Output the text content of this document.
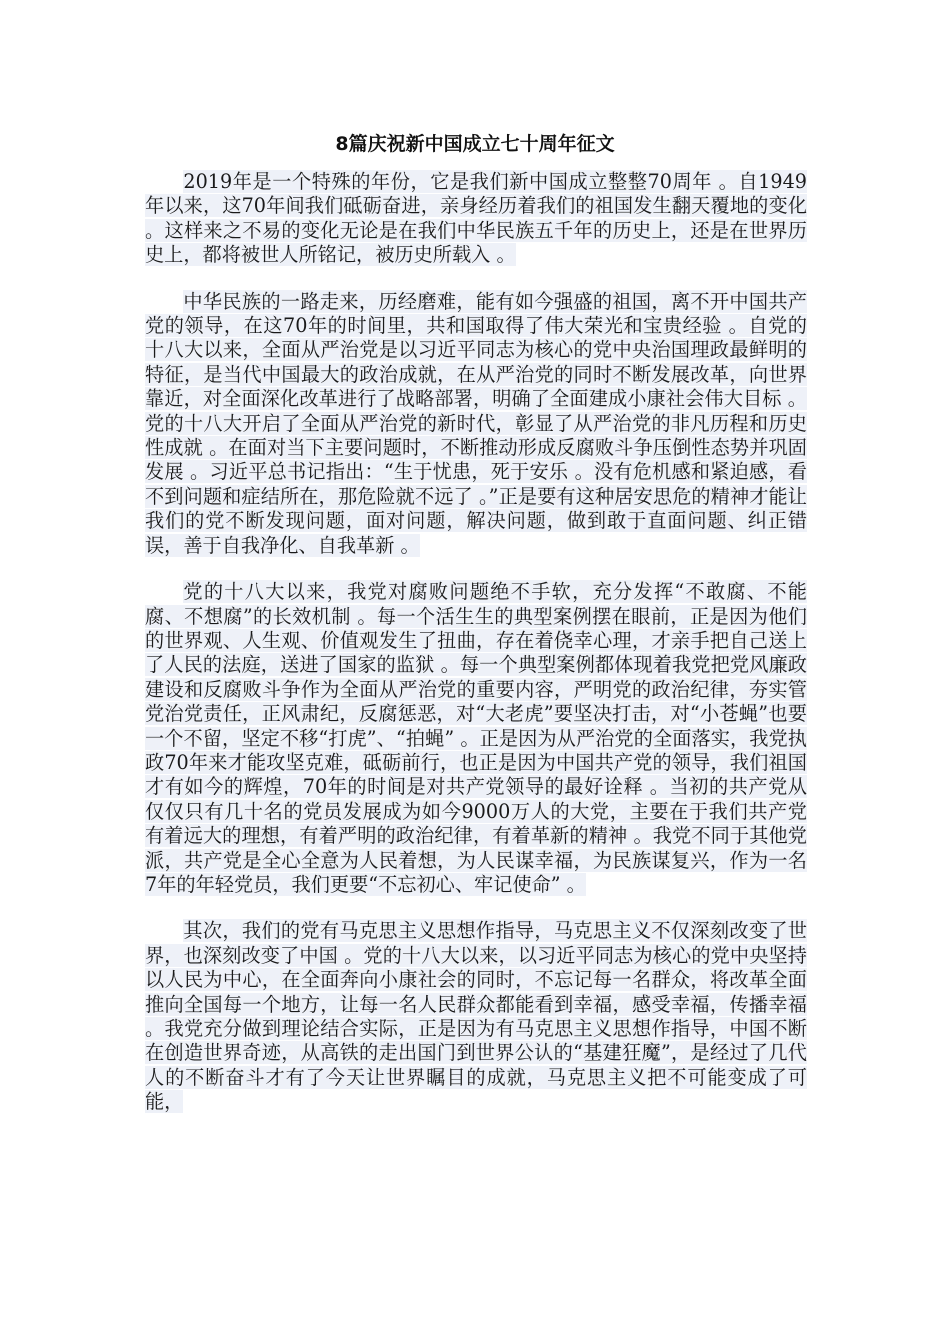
8篇庆祝新中国成立七十周年征文

2019年是一个特殊的年份，它是我们新中国成立整整70周年 。自1949年以来，这70年间我们砥砺奋进，亲身经历着我们的祖国发生翻天覆地的变化 。这样来之不易的变化无论是在我们中华民族五千年的历史上，还是在世界历史上，都将被世人所铭记，被历史所载入 。

中华民族的一路走来，历经磨难，能有如今强盛的祖国，离不开中国共产党的领导，在这70年的时间里，共和国取得了伟大荣光和宝贵经验 。自党的十八大以来，全面从严治党是以习近平同志为核心的党中央治国理政最鲜明的特征，是当代中国最大的政治成就，在从严治党的同时不断发展改革，向世界靠近，对全面深化改革进行了战略部署，明确了全面建成小康社会伟大目标 。党的十八大开启了全面从严治党的新时代，彰显了从严治党的非凡历程和历史性成就 。在面对当下主要问题时，不断推动形成反腐败斗争压倒性态势并巩固发展 。习近平总书记指出：“生于忧患，死于安乐 。没有危机感和紧迫感，看不到问题和症结所在，那危险就不远了 。”正是要有这种居安思危的精神才能让我们的党不断发现问题，面对问题，解决问题，做到敢于直面问题、纠正错误，善于自我净化、自我革新 。

党的十八大以来，我党对腐败问题绝不手软，充分发挥“不敢腐、不能腐、不想腐”的长效机制 。每一个活生生的典型案例摆在眼前，正是因为他们的世界观、人生观、价值观发生了扭曲，存在着侥幸心理，才亲手把自己送上了人民的法庭，送进了国家的监狱 。每一个典型案例都体现着我党把党风廉政建设和反腐败斗争作为全面从严治党的重要内容，严明党的政治纪律，夯实管党治党责任，正风肃纪，反腐惩恶，对“大老虎”要坚决打击，对“小苍蝇”也要一个不留，坚定不移“打虎”、“拍蝇” 。正是因为从严治党的全面落实，我党执政70年来才能攻坚克难，砥砺前行，也正是因为中国共产党的领导，我们祖国才有如今的辉煌，70年的时间是对共产党领导的最好诠释 。当初的共产党从仅仅只有几十名的党员发展成为如今9000万人的大党，主要在于我们共产党有着远大的理想，有着严明的政治纪律，有着革新的精神 。我党不同于其他党派，共产党是全心全意为人民着想，为人民谋幸福，为民族谋复兴，作为一名7年的年轻党员，我们更要“不忘初心、牢记使命” 。

其次，我们的党有马克思主义思想作指导，马克思主义不仅深刻改变了世界，也深刻改变了中国 。党的十八大以来，以习近平同志为核心的党中央坚持以人民为中心，在全面奔向小康社会的同时，不忘记每一名群众，将改革全面推向全国每一个地方，让每一名人民群众都能看到幸福，感受幸福，传播幸福 。我党充分做到理论结合实际，正是因为有马克思主义思想作指导，中国不断在创造世界奇迹，从高铁的走出国门到世界公认的“基建狂魔”，是经过了几代人的不断奋斗才有了今天让世界瞩目的成就，马克思主义把不可能变成了可能，
